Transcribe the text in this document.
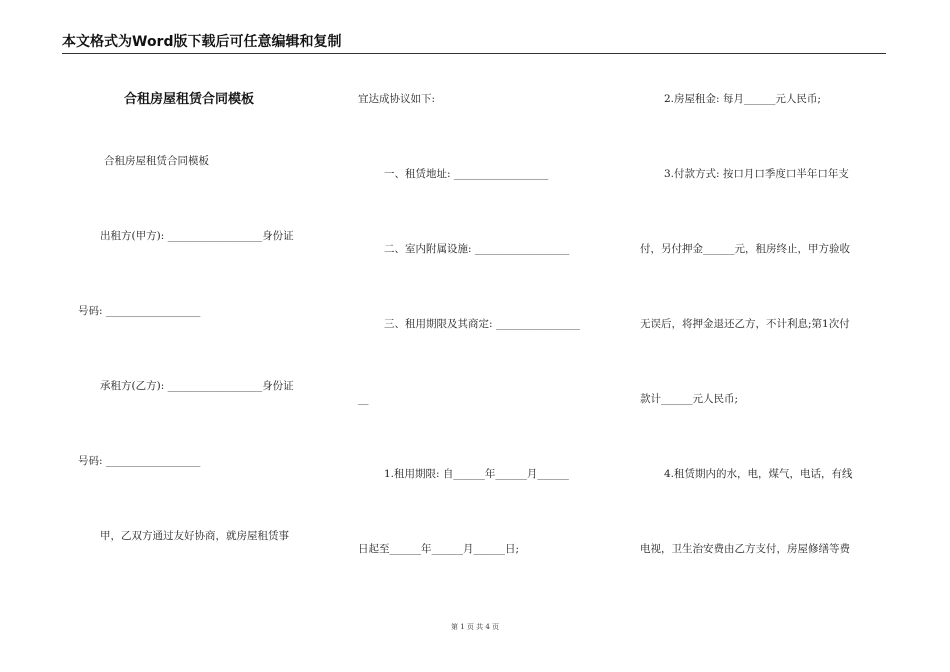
本文格式为Word版下载后可任意编辑和复制
合租房屋租赁合同模板
合租房屋租赁合同模板
出租方(甲方): __________________身份证
号码: __________________
承租方(乙方): __________________身份证
号码: __________________
甲，乙双方通过友好协商，就房屋租赁事
宜达成协议如下:
一、租赁地址: __________________
二、室内附属设施: __________________
三、租用期限及其商定: ________________
__
1.租用期限: 自______年______月______
日起至______年______月______日;
2.房屋租金: 每月______元人民币;
3.付款方式: 按口月口季度口半年口年支
付，另付押金______元，租房终止，甲方验收
无误后，将押金退还乙方，不计利息;第1次付
款计______元人民币;
4.租赁期内的水，电，煤气，电话，有线
电视，卫生治安费由乙方支付，房屋修缮等费
第 1 页 共 4 页
